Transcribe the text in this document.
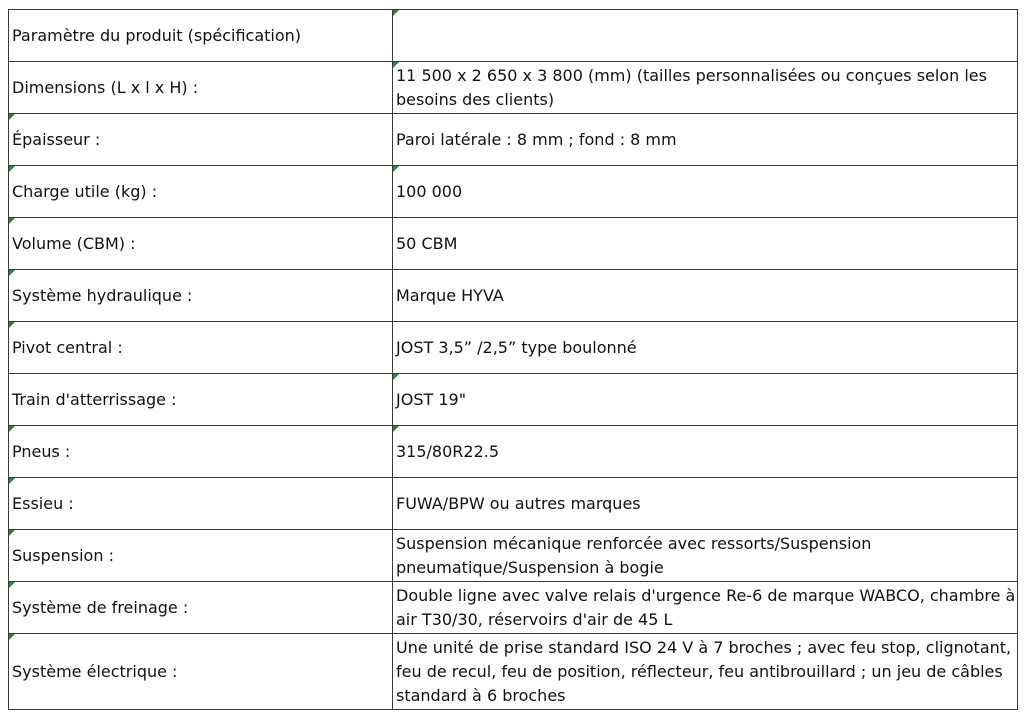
Paramètre du produit (spécification)	

Dimensions (L x l x H) :	11 500 x 2 650 x 3 800 (mm) (tailles personnalisées ou conçues selon les besoins des clients)

Épaisseur :	Paroi latérale : 8 mm ; fond : 8 mm

Charge utile (kg) :	100 000

Volume (CBM) :	50 CBM

Système hydraulique :	Marque HYVA

Pivot central :	JOST 3,5” /2,5” type boulonné
Train d'atterrissage :	JOST 19"

Pneus :	315/80R22.5

Essieu :	FUWA/BPW ou autres marques

Suspension :	Suspension mécanique renforcée avec ressorts/Suspension pneumatique/Suspension à bogie

Système de freinage :	Double ligne avec valve relais d'urgence Re-6 de marque WABCO, chambre à air T30/30, réservoirs d'air de 45 L

Système électrique :	Une unité de prise standard ISO 24 V à 7 broches ; avec feu stop, clignotant, feu de recul, feu de position, réflecteur, feu antibrouillard ; un jeu de câbles standard à 6 broches
